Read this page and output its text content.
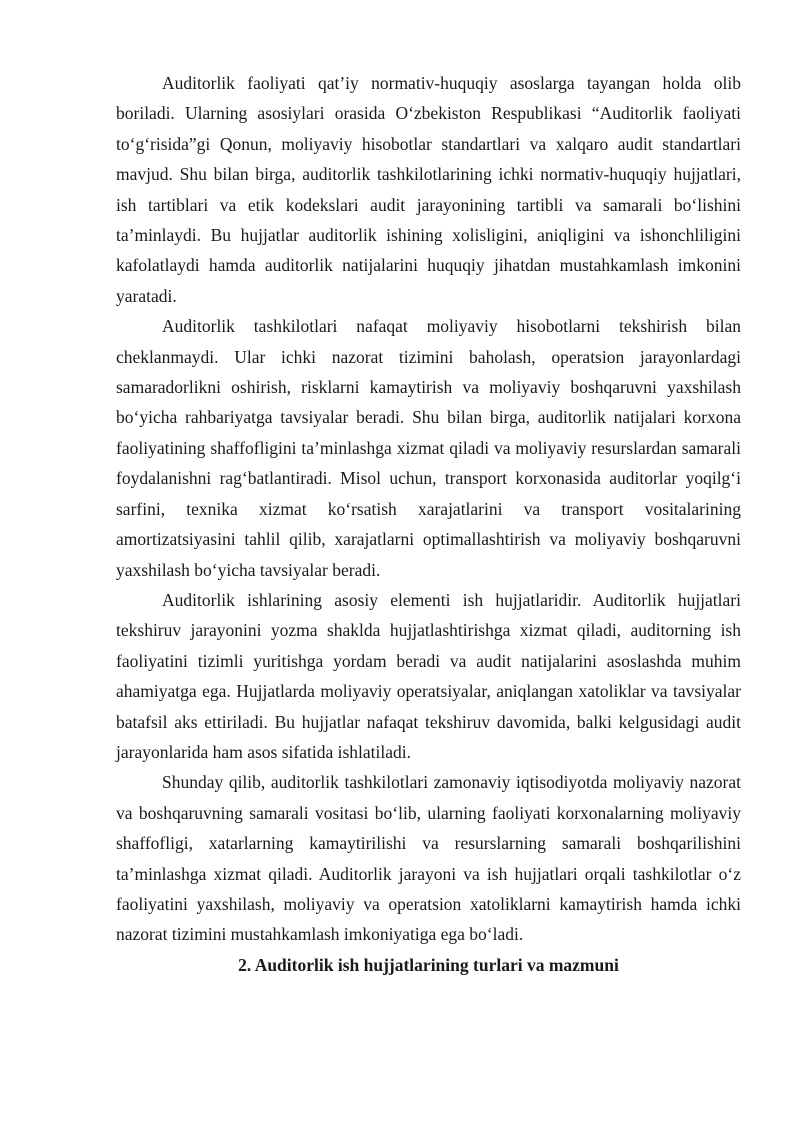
Auditorlik faoliyati qat’iy normativ-huquqiy asoslarga tayangan holda olib boriladi. Ularning asosiylari orasida O‘zbekiston Respublikasi “Auditorlik faoliyati to‘g‘risida”gi Qonun, moliyaviy hisobotlar standartlari va xalqaro audit standartlari mavjud. Shu bilan birga, auditorlik tashkilotlarining ichki normativ-huquqiy hujjatlari, ish tartiblari va etik kodekslari audit jarayonining tartibli va samarali bo‘lishini ta’minlaydi. Bu hujjatlar auditorlik ishining xolisligini, aniqligini va ishonchliligini kafolatlaydi hamda auditorlik natijalarini huquqiy jihatdan mustahkamlash imkonini yaratadi.

Auditorlik tashkilotlari nafaqat moliyaviy hisobotlarni tekshirish bilan cheklanmaydi. Ular ichki nazorat tizimini baholash, operatsion jarayonlardagi samaradorlikni oshirish, risklarni kamaytirish va moliyaviy boshqaruvni yaxshilash bo‘yicha rahbariyatga tavsiyalar beradi. Shu bilan birga, auditorlik natijalari korxona faoliyatining shaffofligini ta’minlashga xizmat qiladi va moliyaviy resurslardan samarali foydalanishni rag‘batlantiradi. Misol uchun, transport korxonasida auditorlar yoqilg‘i sarfini, texnika xizmat ko‘rsatish xarajatlarini va transport vositalarining amortizatsiyasini tahlil qilib, xarajatlarni optimallashtirish va moliyaviy boshqaruvni yaxshilash bo‘yicha tavsiyalar beradi.

Auditorlik ishlarining asosiy elementi ish hujjatlaridir. Auditorlik hujjatlari tekshiruv jarayonini yozma shaklda hujjatlashtirishga xizmat qiladi, auditorning ish faoliyatini tizimli yuritishga yordam beradi va audit natijalarini asoslashda muhim ahamiyatga ega. Hujjatlarda moliyaviy operatsiyalar, aniqlangan xatoliklar va tavsiyalar batafsil aks ettiriladi. Bu hujjatlar nafaqat tekshiruv davomida, balki kelgusidagi audit jarayonlarida ham asos sifatida ishlatiladi.

Shunday qilib, auditorlik tashkilotlari zamonaviy iqtisodiyotda moliyaviy nazorat va boshqaruvning samarali vositasi bo‘lib, ularning faoliyati korxonalarning moliyaviy shaffofligi, xatarlarning kamaytirilishi va resurslarning samarali boshqarilishini ta’minlashga xizmat qiladi. Auditorlik jarayoni va ish hujjatlari orqali tashkilotlar o‘z faoliyatini yaxshilash, moliyaviy va operatsion xatoliklarni kamaytirish hamda ichki nazorat tizimini mustahkamlash imkoniyatiga ega bo‘ladi.

2. Auditorlik ish hujjatlarining turlari va mazmuni
